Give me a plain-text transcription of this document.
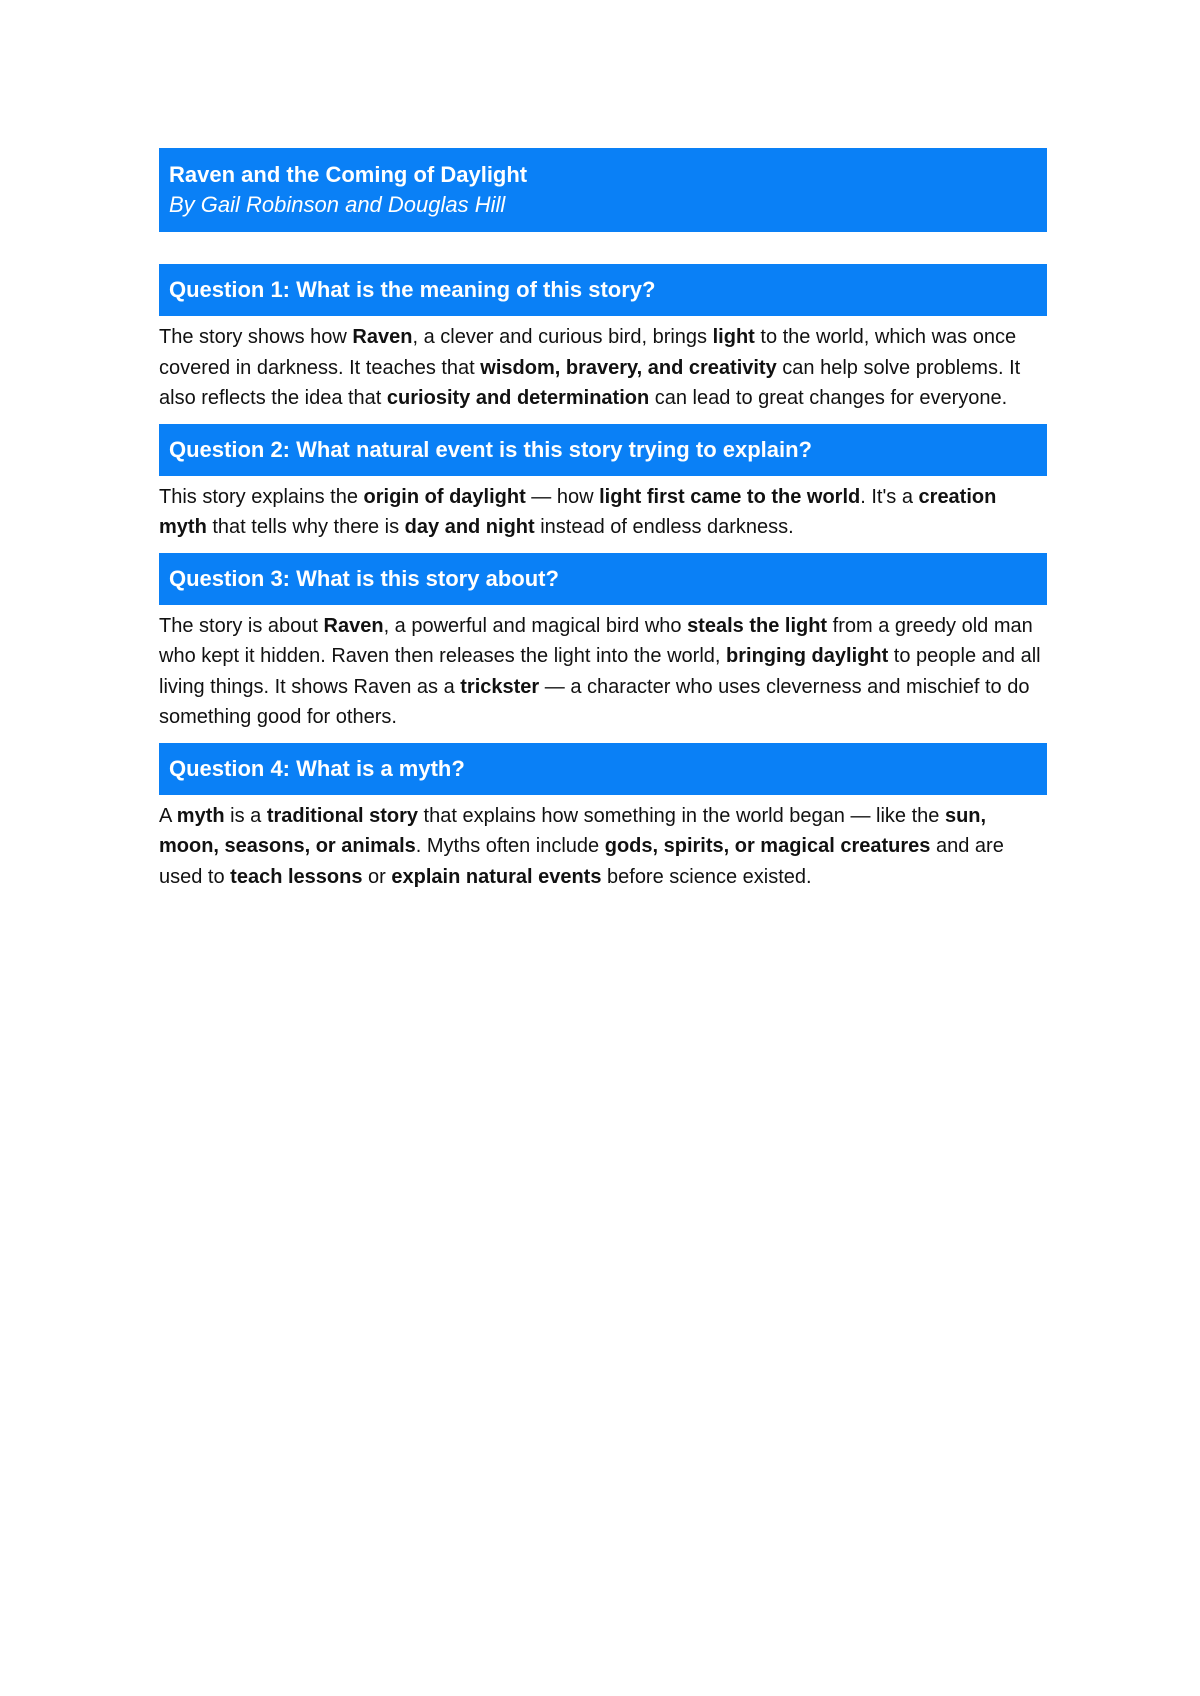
Raven and the Coming of Daylight
By Gail Robinson and Douglas Hill
Question 1: What is the meaning of this story?

The story shows how Raven, a clever and curious bird, brings light to the world, which was once covered in darkness. It teaches that wisdom, bravery, and creativity can help solve problems. It also reflects the idea that curiosity and determination can lead to great changes for everyone.

Question 2: What natural event is this story trying to explain?

This story explains the origin of daylight — how light first came to the world. It's a creation myth that tells why there is day and night instead of endless darkness.

Question 3: What is this story about?

The story is about Raven, a powerful and magical bird who steals the light from a greedy old man who kept it hidden. Raven then releases the light into the world, bringing daylight to people and all living things. It shows Raven as a trickster — a character who uses cleverness and mischief to do something good for others.

Question 4: What is a myth?

A myth is a traditional story that explains how something in the world began — like the sun, moon, seasons, or animals. Myths often include gods, spirits, or magical creatures and are used to teach lessons or explain natural events before science existed.
